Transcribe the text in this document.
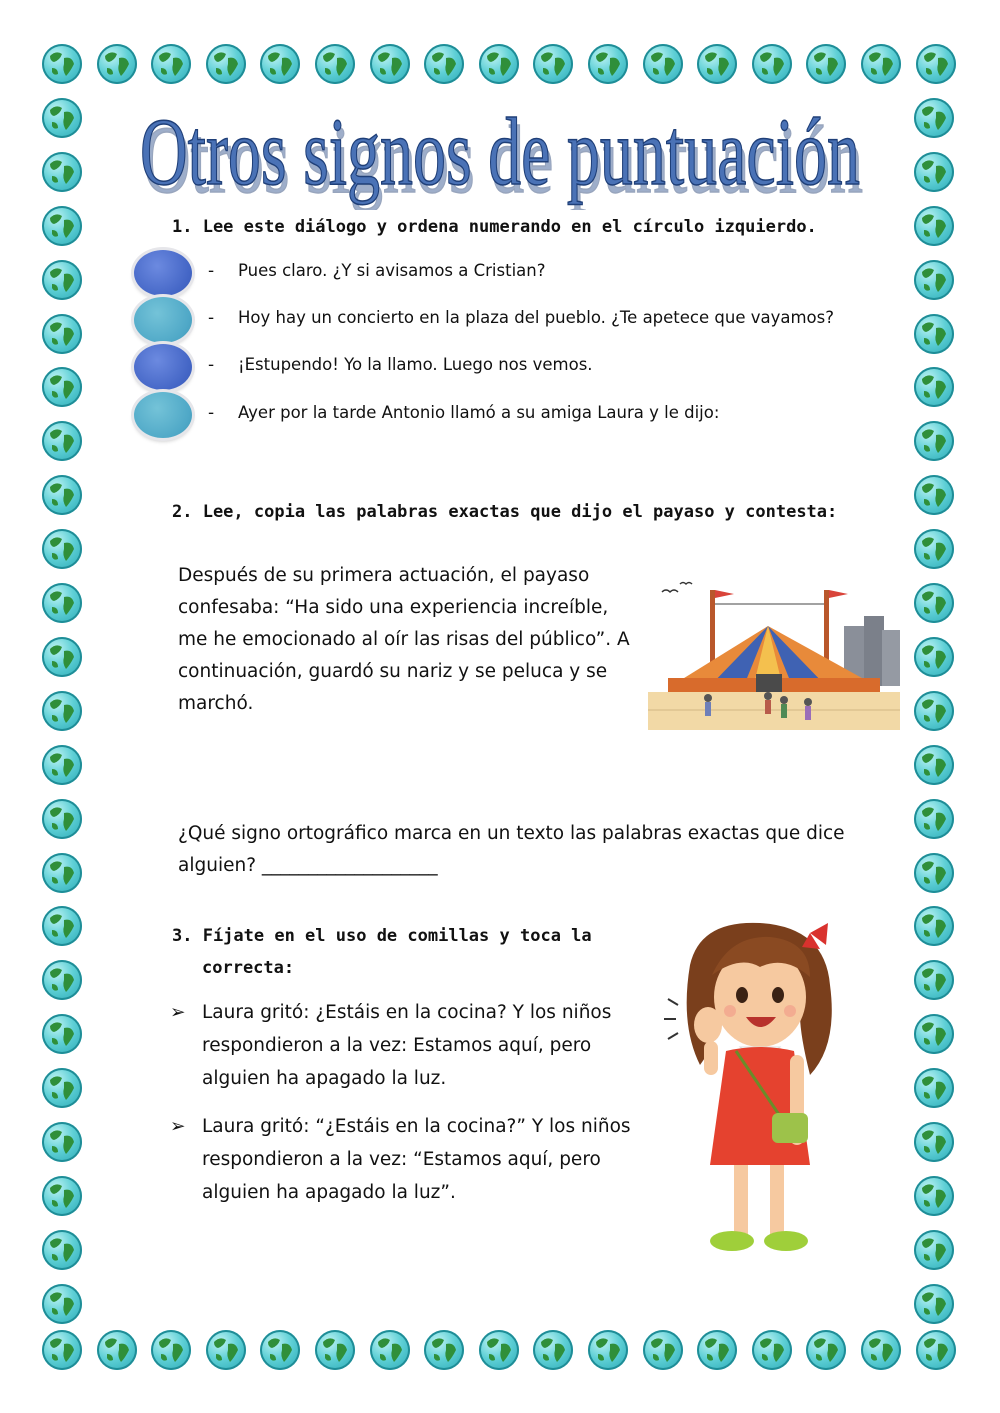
Otros signos de puntuación
Otros signos de puntuación
1. Lee este diálogo y ordena numerando en el círculo izquierdo.
- Pues claro. ¿Y si avisamos a Cristian?
- Hoy hay un concierto en la plaza del pueblo. ¿Te apetece que vayamos?
- ¡Estupendo! Yo la llamo. Luego nos vemos.
- Ayer por la tarde Antonio llamó a su amiga Laura y le dijo:
2. Lee, copia las palabras exactas que dijo el payaso y contesta:
Después de su primera actuación, el payaso
confesaba: “Ha sido una experiencia increíble,
me he emocionado al oír las risas del público”. A
continuación, guardó su nariz y se peluca y se
marchó.
¿Qué signo ortográfico marca en un texto las palabras exactas que dice
alguien? ___________________
3. Fíjate en el uso de comillas y toca la
correcta:
➢ Laura gritó: ¿Estáis en la cocina? Y los niños
respondieron a la vez: Estamos aquí, pero
alguien ha apagado la luz.
➢ Laura gritó: “¿Estáis en la cocina?” Y los niños
respondieron a la vez: “Estamos aquí, pero
alguien ha apagado la luz”.
